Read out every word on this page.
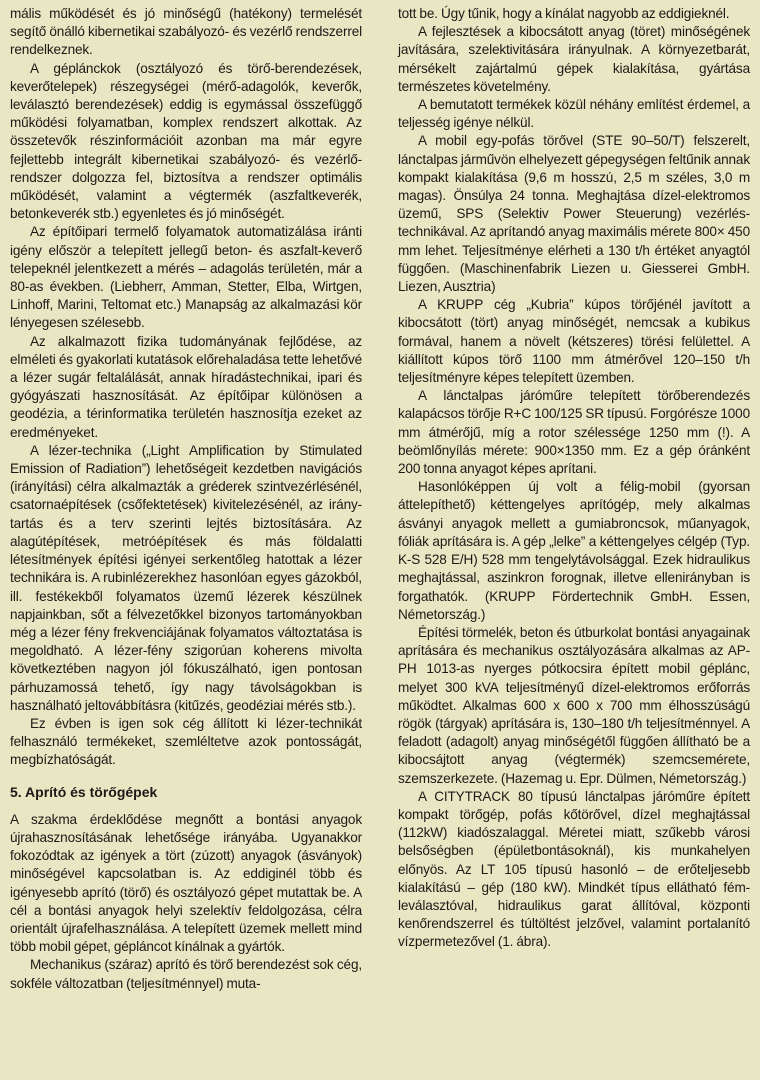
mális működését és jó minőségű (hatékony) termelését segítő önálló kibernetikai szabályozó- és vezérlő rendszerrel rendelkeznek.

A géplánckok (osztályozó és törő-berendezések, keverőtelepek) részegységei (mérő-adagolók, keverők, leválasztó berendezések) eddig is egymással összefüggő működési folyamatban, komplex rendszert alkottak. Az összetevők részinformációit azonban ma már egyre fejlettebb integrált kibernetikai szabályozó- és vezérlő-rendszer dolgozza fel, biztosítva a rendszer optimális működését, valamint a végtermék (aszfaltkeverék, betonkeverék stb.) egyenletes és jó minőségét.

Az építőipari termelő folyamatok automatizálása iránti igény először a telepített jellegű beton- és aszfalt-keverő telepeknél jelentkezett a mérés – adagolás területén, már a 80-as években. (Liebherr, Amman, Stetter, Elba, Wirtgen, Linhoff, Marini, Teltomat etc.) Manapság az alkalmazási kör lényegesen szélesebb.

Az alkalmazott fizika tudományának fejlődése, az elméleti és gyakorlati kutatások előrehaladása tette lehetővé a lézer sugár feltalálását, annak híradástechnikai, ipari és gyógyászati hasznosítását. Az építőipar különösen a geodézia, a térinformatika területén hasznosítja ezeket az eredményeket.

A lézer-technika („Light Amplification by Stimulated Emission of Radiation”) lehetőségeit kezdetben navigációs (irányítási) célra alkalmazták a gréderek szintvezérlésénél, csatornaépítések (csőfektetések) kivitelezésénél, az irány-tartás és a terv szerinti lejtés biztosítására. Az alagútépítések, metróépítések és más földalatti létesítmények építési igényei serkentőleg hatottak a lézer technikára is. A rubinlézerekhez hasonlóan egyes gázokból, ill. festékekből folyamatos üzemű lézerek készülnek napjainkban, sőt a félvezetőkkel bizonyos tartományokban még a lézer fény frekvenciájának folyamatos változtatása is megoldható. A lézer-fény szigorúan koherens mivolta következtében nagyon jól fókuszálható, igen pontosan párhuzamossá tehető, így nagy távolságokban is használható jeltovábbításra (kitűzés, geodéziai mérés stb.).

Ez évben is igen sok cég állított ki lézer-technikát felhasználó termékeket, szemléltetve azok pontosságát, megbízhatóságát.

5. Aprító és törőgépek

A szakma érdeklődése megnőtt a bontási anyagok újrahasznosításának lehetősége irányába. Ugyanakkor fokozódtak az igények a tört (zúzott) anyagok (ásványok) minőségével kapcsolatban is. Az eddiginél több és igényesebb aprító (törő) és osztályozó gépet mutattak be. A cél a bontási anyagok helyi szelektív feldolgozása, célra orientált újrafelhasználása. A telepített üzemek mellett mind több mobil gépet, gépláncot kínálnak a gyártók.

Mechanikus (száraz) aprító és törő berendezést sok cég, sokféle változatban (teljesítménnyel) muta-

tott be. Úgy tűnik, hogy a kínálat nagyobb az eddigieknél.

A fejlesztések a kibocsátott anyag (töret) minőségének javítására, szelektivitására irányulnak. A környezetbarát, mérsékelt zajártalmú gépek kialakítása, gyártása természetes követelmény.

A bemutatott termékek közül néhány említést érdemel, a teljesség igénye nélkül.

A mobil egy-pofás törővel (STE 90–50/T) felszerelt, lánctalpas járművön elhelyezett gépegységen feltűnik annak kompakt kialakítása (9,6 m hosszú, 2,5 m széles, 3,0 m magas). Önsúlya 24 tonna. Meghajtása dízel-elektromos üzemű, SPS (Selektiv Power Steuerung) vezérlés-technikával. Az aprítandó anyag maximális mérete 800× 450 mm lehet. Teljesítménye elérheti a 130 t/h értéket anyagtól függően. (Maschinenfabrik Liezen u. Giesserei GmbH. Liezen, Ausztria)

A KRUPP cég „Kubria” kúpos törőjénél javított a kibocsátott (tört) anyag minőségét, nemcsak a kubikus formával, hanem a növelt (kétszeres) törési felülettel. A kiállított kúpos törő 1100 mm átmérővel 120–150 t/h teljesítményre képes telepített üzemben.

A lánctalpas járóműre telepített törőberendezés kalapácsos törője R+C 100/125 SR típusú. Forgórésze 1000 mm átmérőjű, míg a rotor szélessége 1250 mm (!). A beömlőnyílás mérete: 900×1350 mm. Ez a gép óránként 200 tonna anyagot képes aprítani.

Hasonlóképpen új volt a félig-mobil (gyorsan áttelepíthető) kéttengelyes aprítógép, mely alkalmas ásványi anyagok mellett a gumiabroncsok, műanyagok, fóliák aprítására is. A gép „lelke” a kéttengelyes célgép (Typ. K-S 528 E/H) 528 mm tengelytávolsággal. Ezek hidraulikus meghajtással, aszinkron forognak, illetve ellenirányban is forgathatók. (KRUPP Fördertechnik GmbH. Essen, Németország.)

Építési törmelék, beton és útburkolat bontási anyagainak aprítására és mechanikus osztályozására alkalmas az AP-PH 1013-as nyerges pótkocsira épített mobil géplánc, melyet 300 kVA teljesítményű dízel-elektromos erőforrás működtet. Alkalmas 600 x 600 x 700 mm élhosszúságú rögök (tárgyak) aprítására is, 130–180 t/h teljesítménnyel. A feladott (adagolt) anyag minőségétől függően állítható be a kibocsájtott anyag (végtermék) szemcsemérete, szemszerkezete. (Hazemag u. Epr. Dülmen, Németország.)

A CITYTRACK 80 típusú lánctalpas járóműre épített kompakt törőgép, pofás kőtörővel, dízel meghajtással (112kW) kiadószalaggal. Méretei miatt, szűkebb városi belsőségben (épületbontásoknál), kis munkahelyen előnyös. Az LT 105 típusú hasonló – de erőteljesebb kialakítású – gép (180 kW). Mindkét típus ellátható fém-leválasztóval, hidraulikus garat állítóval, központi kenőrendszerrel és túltöltést jelzővel, valamint portalanító vízpermetezővel (1. ábra).
